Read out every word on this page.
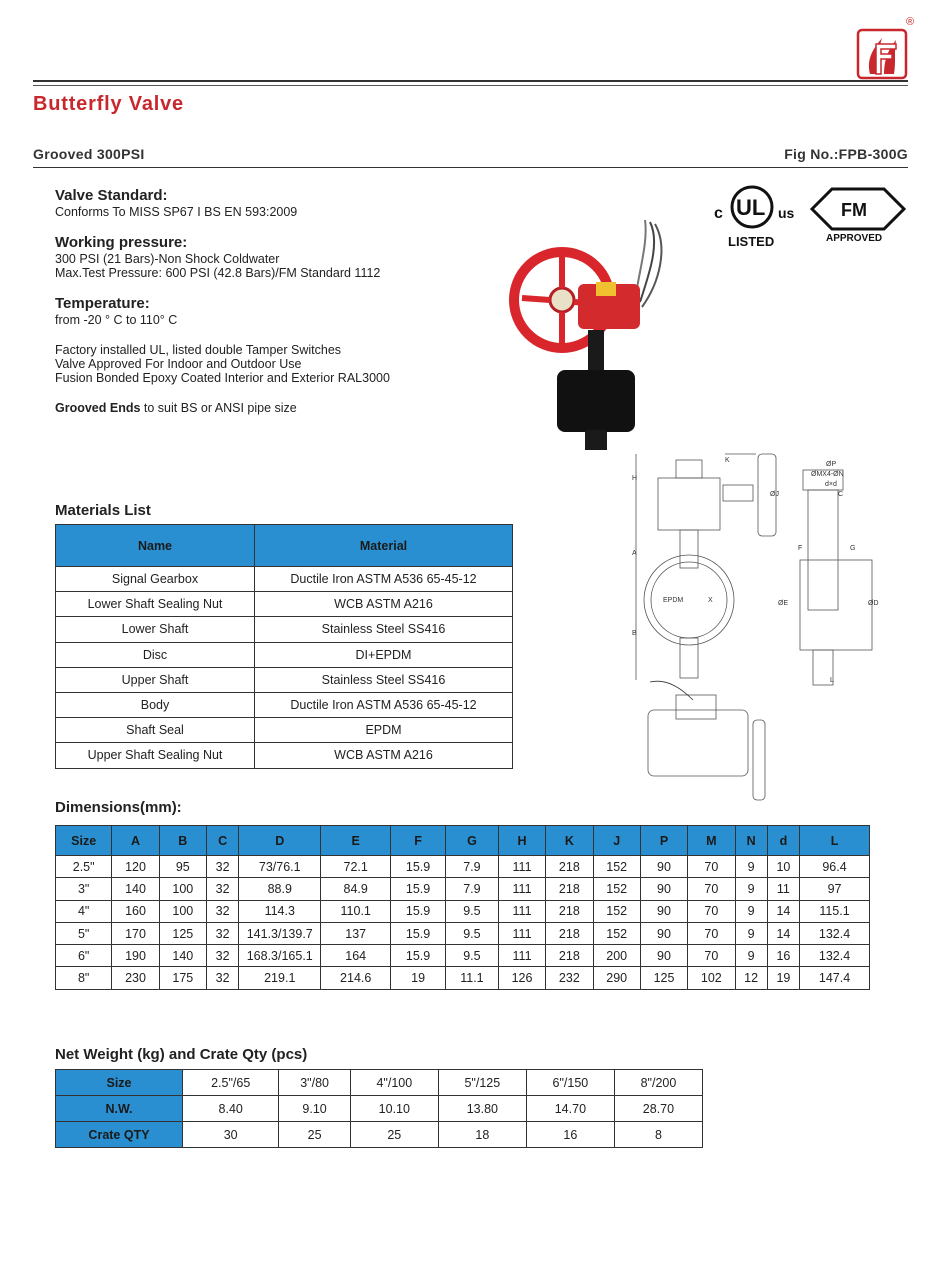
®
Butterfly Valve
Grooved 300PSI	Fig No.:FPB-300G
Valve Standard:
Conforms To MISS SP67 I BS EN 593:2009
Working pressure:
300 PSI (21 Bars)-Non Shock Coldwater
Max.Test Pressure: 600 PSI (42.8 Bars)/FM Standard 1112
Temperature:
from -20 ° C to 110° C
Factory installed UL, listed double Tamper Switches
Valve Approved For Indoor and Outdoor Use
Fusion Bonded Epoxy Coated Interior and Exterior RAL3000
Grooved Ends to suit BS or ANSI pipe size
c UL us
LISTED
FM
APPROVED
H
K
A
B
ØJ
ØP
ØMX4-ØN
d×d
C
F	G
ØE	ØD
L
EPDM	X
Materials List
Name	Material
Signal Gearbox	Ductile Iron ASTM A536 65-45-12
Lower Shaft Sealing Nut	WCB ASTM A216
Lower Shaft	Stainless Steel SS416
Disc	DI+EPDM
Upper Shaft	Stainless Steel SS416
Body	Ductile Iron ASTM A536 65-45-12
Shaft Seal	EPDM
Upper Shaft Sealing Nut	WCB ASTM A216
Dimensions(mm):
Size	A	B	C	D	E	F	G	H	K	J	P	M	N	d	L
2.5"	120	95	32	73/76.1	72.1	15.9	7.9	111	218	152	90	70	9	10	96.4
3"	140	100	32	88.9	84.9	15.9	7.9	111	218	152	90	70	9	11	97
4"	160	100	32	114.3	110.1	15.9	9.5	111	218	152	90	70	9	14	115.1
5"	170	125	32	141.3/139.7	137	15.9	9.5	111	218	152	90	70	9	14	132.4
6"	190	140	32	168.3/165.1	164	15.9	9.5	111	218	200	90	70	9	16	132.4
8"	230	175	32	219.1	214.6	19	11.1	126	232	290	125	102	12	19	147.4
Net Weight (kg) and Crate Qty (pcs)
Size	2.5"/65	3"/80	4"/100	5"/125	6"/150	8"/200
N.W.	8.40	9.10	10.10	13.80	14.70	28.70
Crate QTY	30	25	25	18	16	8
